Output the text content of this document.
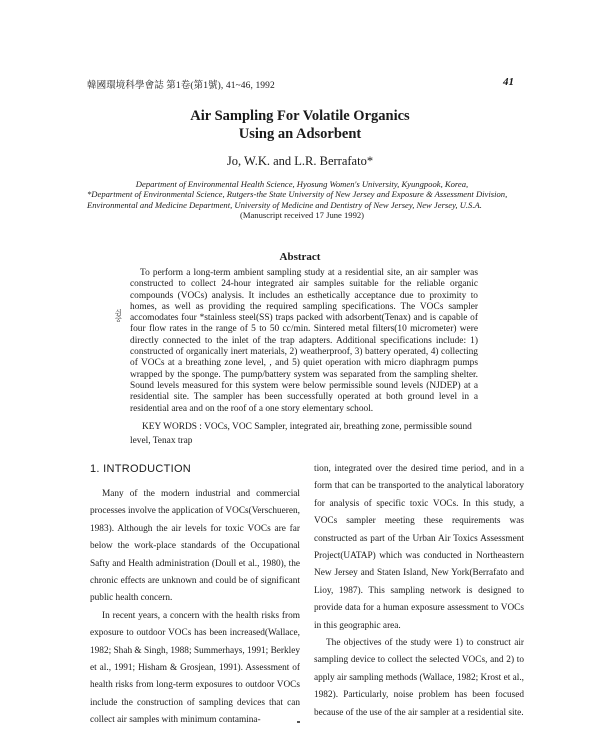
韓國環境科學會誌 第1卷(第1號), 41~46, 1992	41
Air Sampling For Volatile Organics
Using an Adsorbent
Jo, W.K. and L.R. Berrafato*
Department of Environmental Health Science, Hyosung Women's University, Kyungpook, Korea,
*Department of Environmental Science, Rutgers-the State University of New Jersey and Exposure & Assessment Division,
Environmental and Medicine Department, University of Medicine and Dentistry of New Jersey, New Jersey, U.S.A.
(Manuscript received 17 June 1992)
Abstract

To perform a long-term ambient sampling study at a residential site, an air sampler was constructed to collect 24-hour integrated air samples suitable for the reliable organic compounds (VOCs) analysis. It includes an esthetically acceptance due to proximity to homes, as well as providing the required sampling specifications. The VOCs sampler accomodates four *stainless steel(SS) traps packed with adsorbent(Tenax) and is capable of four flow rates in the range of 5 to 50 cc/min. Sintered metal filters(10 micrometer) were directly connected to the inlet of the trap adapters. Additional specifications include: 1) constructed of organically inert materials, 2) weatherproof, 3) battery operated, 4) collecting of VOCs at a breathing zone level, , and 5) quiet operation with micro diaphragm pumps wrapped by the sponge. The pump/battery system was separated from the sampling shelter. Sound levels measured for this system were below permissible sound levels (NJDEP) at a residential site. The sampler has been successfully operated at both ground level in a residential area and on the roof of a one story elementary school.

쉬
중
KEY WORDS : VOCs, VOC Sampler, integrated air, breathing zone, permissible sound level, Tenax trap
1. INTRODUCTION

Many of the modern industrial and commercial processes involve the application of VOCs(Verschueren, 1983). Although the air levels for toxic VOCs are far below the work-place standards of the Occupational Safty and Health administration (Doull et al., 1980), the chronic effects are unknown and could be of significant public health concern.

In recent years, a concern with the health risks from exposure to outdoor VOCs has been increased(Wallace, 1982; Shah & Singh, 1988; Summerhays, 1991; Berkley et al., 1991; Hisham & Grosjean, 1991). Assessment of health risks from long-term exposures to outdoor VOCs include the construction of sampling devices that can collect air samples with minimum contamina-

tion, integrated over the desired time period, and in a form that can be transported to the analytical laboratory for analysis of specific toxic VOCs. In this study, a VOCs sampler meeting these requirements was constructed as part of the Urban Air Toxics Assessment Project(UATAP) which was conducted in Northeastern New Jersey and Staten Island, New York(Berrafato and Lioy, 1987). This sampling network is designed to provide data for a human exposure assessment to VOCs in this geographic area.

The objectives of the study were 1) to construct air sampling device to collect the selected VOCs, and 2) to apply air sampling methods (Wallace, 1982; Krost et al., 1982). Particularly, noise problem has been focused because of the use of the air sampler at a residential site.
